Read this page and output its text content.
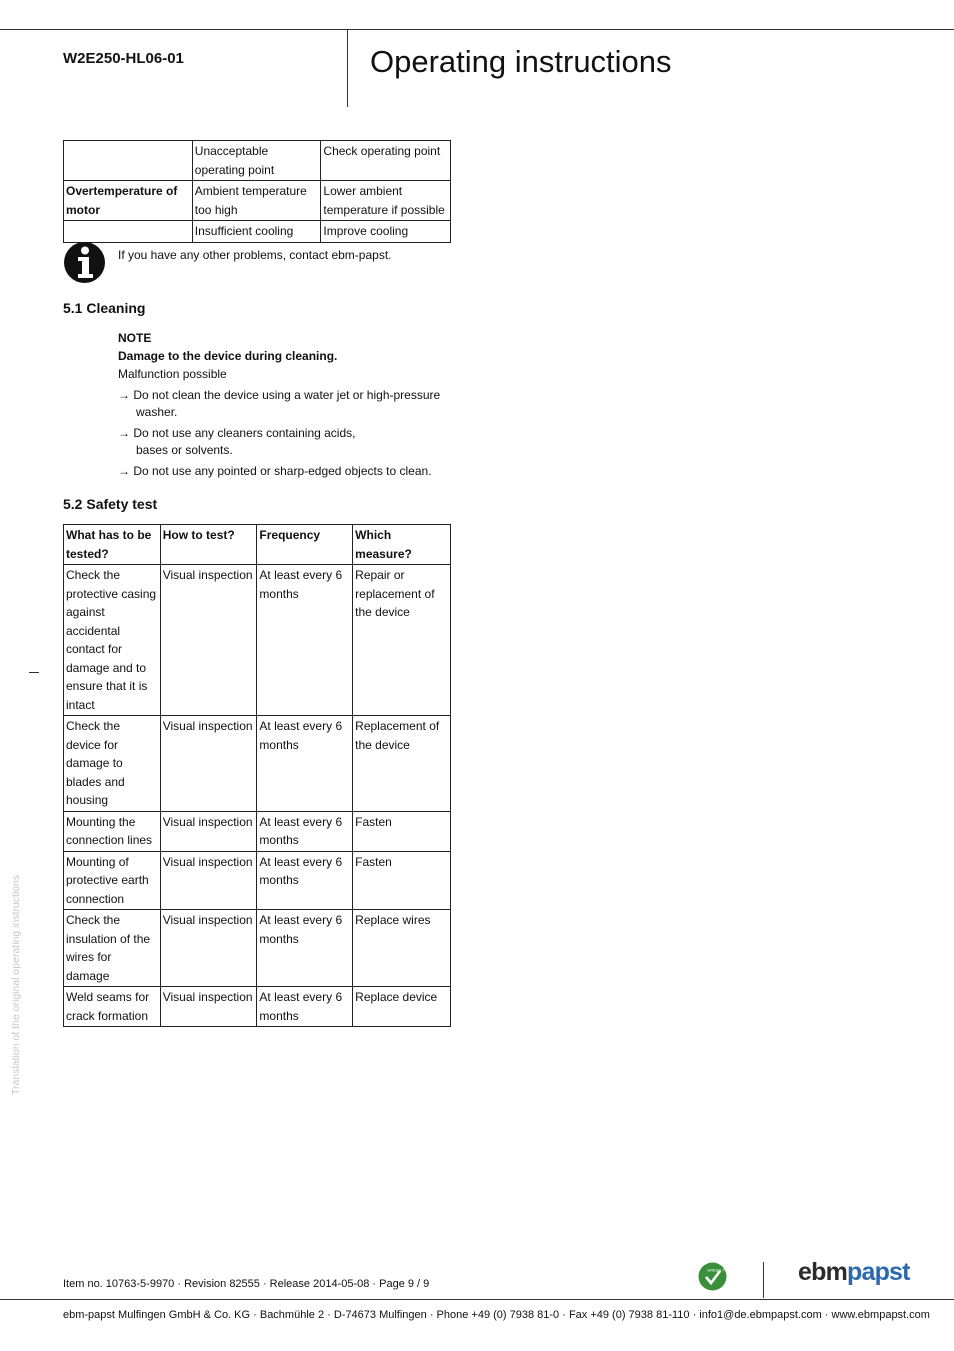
W2E250-HL06-01	Operating instructions
	Unacceptable operating point	Check operating point
Overtemperature of motor	Ambient temperature too high	Lower ambient temperature if possible
	Insufficient cooling	Improve cooling
If you have any other problems, contact ebm-papst.
5.1 Cleaning
NOTE
Damage to the device during cleaning.
Malfunction possible
→ Do not clean the device using a water jet or high-pressure washer.
→ Do not use any cleaners containing acids, bases or solvents.
→ Do not use any pointed or sharp-edged objects to clean.
5.2 Safety test
What has to be tested?	How to test?	Frequency	Which measure?
Check the protective casing against accidental contact for damage and to ensure that it is intact	Visual inspection	At least every 6 months	Repair or replacement of the device
Check the device for damage to blades and housing	Visual inspection	At least every 6 months	Replacement of the device
Mounting the connection lines	Visual inspection	At least every 6 months	Fasten
Mounting of protective earth connection	Visual inspection	At least every 6 months	Fasten
Check the insulation of the wires for damage	Visual inspection	At least every 6 months	Replace wires
Weld seams for crack formation	Visual inspection	At least every 6 months	Replace device
Translation of the original operating instructions
Item no. 10763-5-9970 · Revision 82555 · Release 2014-05-08 · Page 9 / 9
GREEN TECH	ebmpapst
ebm-papst Mulfingen GmbH & Co. KG · Bachmühle 2 · D-74673 Mulfingen · Phone +49 (0) 7938 81-0 · Fax +49 (0) 7938 81-110 · info1@de.ebmpapst.com · www.ebmpapst.com
